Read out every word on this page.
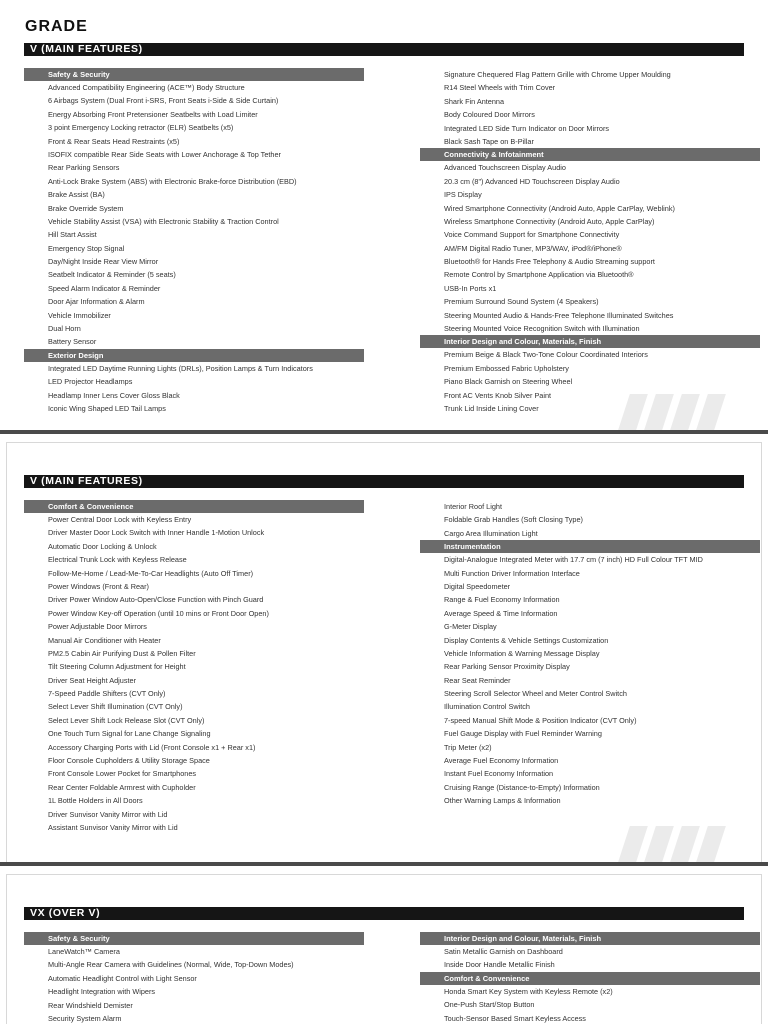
GRADE
V (MAIN FEATURES)
Safety & Security
Advanced Compatibility Engineering (ACE™) Body Structure
6 Airbags System (Dual Front i-SRS, Front Seats i-Side & Side Curtain)
Energy Absorbing Front Pretensioner Seatbelts with Load Limiter
3 point Emergency Locking retractor (ELR) Seatbelts (x5)
Front & Rear Seats Head Restraints (x5)
ISOFIX compatible Rear Side Seats with Lower Anchorage & Top Tether
Rear Parking Sensors
Anti-Lock Brake System (ABS) with Electronic Brake-force Distribution (EBD)
Brake Assist (BA)
Brake Override System
Vehicle Stability Assist (VSA) with Electronic Stability & Traction Control
Hill Start Assist
Emergency Stop Signal
Day/Night Inside Rear View Mirror
Seatbelt Indicator & Reminder (5 seats)
Speed Alarm Indicator & Reminder
Door Ajar Information & Alarm
Vehicle Immobilizer
Dual Horn
Battery Sensor
Exterior Design
Integrated LED Daytime Running Lights (DRLs), Position Lamps & Turn Indicators
LED Projector Headlamps
Headlamp Inner Lens Cover Gloss Black
Iconic Wing Shaped LED Tail Lamps
Signature Chequered Flag Pattern Grille with Chrome Upper Moulding
R14 Steel Wheels with Trim Cover
Shark Fin Antenna
Body Coloured Door Mirrors
Integrated LED Side Turn Indicator on Door Mirrors
Black Sash Tape on B-Pillar
Connectivity & Infotainment
Advanced Touchscreen Display Audio
20.3 cm (8") Advanced HD Touchscreen Display Audio
IPS Display
Wired Smartphone Connectivity (Android Auto, Apple CarPlay, Weblink)
Wireless Smartphone Connectivity (Android Auto, Apple CarPlay)
Voice Command Support for Smartphone Connectivity
AM/FM Digital Radio Tuner, MP3/WAV, iPod®/iPhone®
Bluetooth® for Hands Free Telephony & Audio Streaming support
Remote Control by Smartphone Application via Bluetooth®
USB-In Ports x1
Premium Surround Sound System (4 Speakers)
Steering Mounted Audio & Hands-Free Telephone Illuminated Switches
Steering Mounted Voice Recognition Switch with Illumination
Interior Design and Colour, Materials, Finish
Premium Beige & Black Two-Tone Colour Coordinated Interiors
Premium Embossed Fabric Upholstery
Piano Black Garnish on Steering Wheel
Front AC Vents Knob Silver Paint
Trunk Lid Inside Lining Cover
V (MAIN FEATURES)
Comfort & Convenience
Power Central Door Lock with Keyless Entry
Driver Master Door Lock Switch with Inner Handle 1-Motion Unlock
Automatic Door Locking & Unlock
Electrical Trunk Lock with Keyless Release
Follow-Me-Home / Lead-Me-To-Car Headlights (Auto Off Timer)
Power Windows (Front & Rear)
Driver Power Window Auto-Open/Close Function with Pinch Guard
Power Window Key-off Operation (until 10 mins or Front Door Open)
Power Adjustable Door Mirrors
Manual Air Conditioner with Heater
PM2.5 Cabin Air Purifying Dust & Pollen Filter
Tilt Steering Column Adjustment for Height
Driver Seat Height Adjuster
7-Speed Paddle Shifters (CVT Only)
Select Lever Shift Illumination (CVT Only)
Select Lever Shift Lock Release Slot (CVT Only)
One Touch Turn Signal for Lane Change Signaling
Accessory Charging Ports with Lid (Front Console x1 + Rear x1)
Floor Console Cupholders & Utility Storage Space
Front Console Lower Pocket for Smartphones
Rear Center Foldable Armrest with Cupholder
1L Bottle Holders in All Doors
Driver Sunvisor Vanity Mirror with Lid
Assistant Sunvisor Vanity Mirror with Lid
Interior Roof Light
Foldable Grab Handles (Soft Closing Type)
Cargo Area Illumination Light
Instrumentation
Digital-Analogue Integrated Meter with 17.7 cm (7 inch) HD Full Colour TFT MID
Multi Function Driver Information Interface
Digital Speedometer
Range & Fuel Economy Information
Average Speed & Time Information
G-Meter Display
Display Contents & Vehicle Settings Customization
Vehicle Information & Warning Message Display
Rear Parking Sensor Proximity Display
Rear Seat Reminder
Steering Scroll Selector Wheel and Meter Control Switch
Illumination Control Switch
7-speed Manual Shift Mode & Position Indicator (CVT Only)
Fuel Gauge Display with Fuel Reminder Warning
Trip Meter (x2)
Average Fuel Economy Information
Instant Fuel Economy Information
Cruising Range (Distance-to-Empty) Information
Other Warning Lamps & Information
VX (OVER V)
Safety & Security
LaneWatch™ Camera
Multi-Angle Rear Camera with Guidelines (Normal, Wide, Top-Down Modes)
Automatic Headlight Control with Light Sensor
Headlight Integration with Wipers
Rear Windshield Demister
Security System Alarm
Interior Design and Colour, Materials, Finish
Satin Metallic Garnish on Dashboard
Inside Door Handle Metallic Finish
Comfort & Convenience
Honda Smart Key System with Keyless Remote (x2)
One-Push Start/Stop Button
Touch-Sensor Based Smart Keyless Access
